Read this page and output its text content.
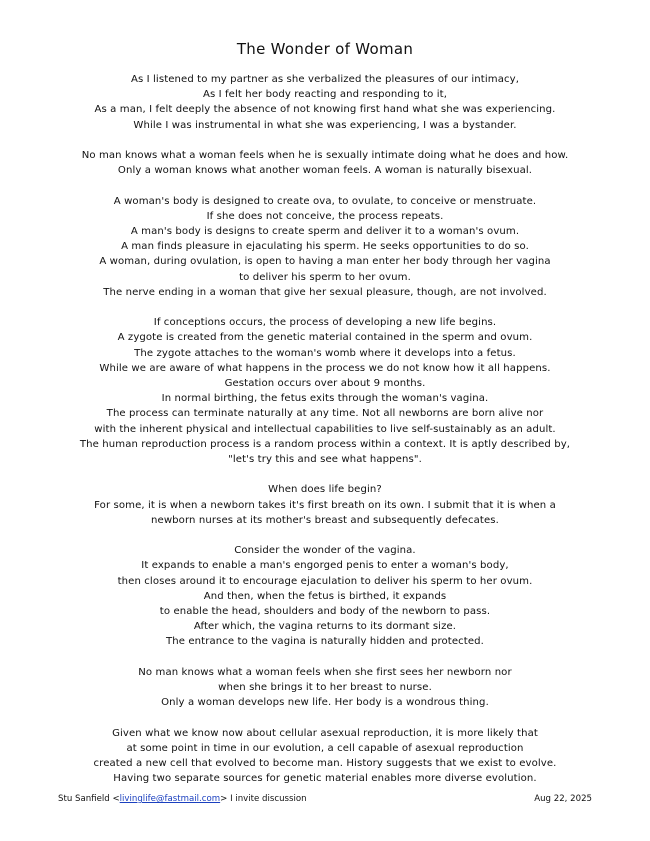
The Wonder of Woman

As I listened to my partner as she verbalized the pleasures of our intimacy,
As I felt her body reacting and responding to it,
As a man, I felt deeply the absence of not knowing first hand what she was experiencing.
While I was instrumental in what she was experiencing, I was a bystander.

No man knows what a woman feels when he is sexually intimate doing what he does and how.
Only a woman knows what another woman feels. A woman is naturally bisexual.

A woman's body is designed to create ova, to ovulate, to conceive or menstruate.
If she does not conceive, the process repeats.
A man's body is designs to create sperm and deliver it to a woman's ovum.
A man finds pleasure in ejaculating his sperm. He seeks opportunities to do so.
A woman, during ovulation, is open to having a man enter her body through her vagina
to deliver his sperm to her ovum.
The nerve ending in a woman that give her sexual pleasure, though, are not involved.

If conceptions occurs, the process of developing a new life begins.
A zygote is created from the genetic material contained in the sperm and ovum.
The zygote attaches to the woman's womb where it develops into a fetus.
While we are aware of what happens in the process we do not know how it all happens.
Gestation occurs over about 9 months.
In normal birthing, the fetus exits through the woman's vagina.
The process can terminate naturally at any time. Not all newborns are born alive nor
with the inherent physical and intellectual capabilities to live self-sustainably as an adult.
The human reproduction process is a random process within a context. It is aptly described by,
"let's try this and see what happens".

When does life begin?
For some, it is when a newborn takes it's first breath on its own. I submit that it is when a
newborn nurses at its mother's breast and subsequently defecates.

Consider the wonder of the vagina.
It expands to enable a man's engorged penis to enter a woman's body,
then closes around it to encourage ejaculation to deliver his sperm to her ovum.
And then, when the fetus is birthed, it expands
to enable the head, shoulders and body of the newborn to pass.
After which, the vagina returns to its dormant size.
The entrance to the vagina is naturally hidden and protected.

No man knows what a woman feels when she first sees her newborn nor
when she brings it to her breast to nurse.
Only a woman develops new life. Her body is a wondrous thing.

Given what we know now about cellular asexual reproduction, it is more likely that
at some point in time in our evolution, a cell capable of asexual reproduction
created a new cell that evolved to become man. History suggests that we exist to evolve.
Having two separate sources for genetic material enables more diverse evolution.

Stu Sanfield <livinglife@fastmail.com> I invite discussion	Aug 22, 2025
